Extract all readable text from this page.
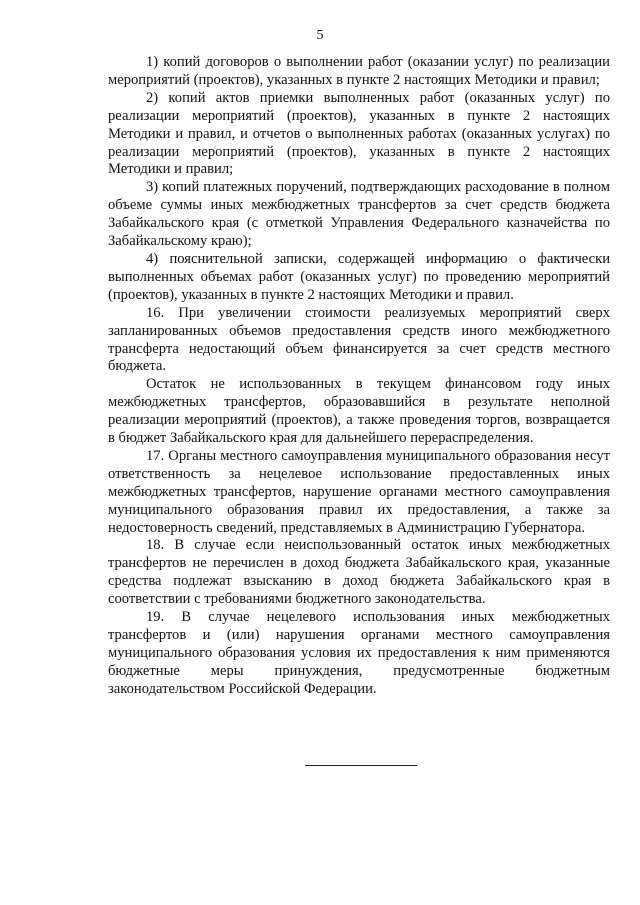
5

1) копий договоров о выполнении работ (оказании услуг) по реализации мероприятий (проектов), указанных в пункте 2 настоящих Методики и правил;

2) копий актов приемки выполненных работ (оказанных услуг) по реализации мероприятий (проектов), указанных в пункте 2 настоящих Методики и правил, и отчетов о выполненных работах (оказанных услугах) по реализации мероприятий (проектов), указанных в пункте 2 настоящих Методики и правил;

3) копий платежных поручений, подтверждающих расходование в полном объеме суммы иных межбюджетных трансфертов за счет средств бюджета Забайкальского края (с отметкой Управления Федерального казначейства по Забайкальскому краю);

4) пояснительной записки, содержащей информацию о фактически выполненных объемах работ (оказанных услуг) по проведению мероприятий (проектов), указанных в пункте 2 настоящих Методики и правил.

16. При увеличении стоимости реализуемых мероприятий сверх запланированных объемов предоставления средств иного межбюджетного трансферта недостающий объем финансируется за счет средств местного бюджета.

Остаток не использованных в текущем финансовом году иных межбюджетных трансфертов, образовавшийся в результате неполной реализации мероприятий (проектов), а также проведения торгов, возвращается в бюджет Забайкальского края для дальнейшего перераспределения.

17. Органы местного самоуправления муниципального образования несут ответственность за нецелевое использование предоставленных иных межбюджетных трансфертов, нарушение органами местного самоуправления муниципального образования правил их предоставления, а также за недостоверность сведений, представляемых в Администрацию Губернатора.

18. В случае если неиспользованный остаток иных межбюджетных трансфертов не перечислен в доход бюджета Забайкальского края, указанные средства подлежат взысканию в доход бюджета Забайкальского края в соответствии с требованиями бюджетного законодательства.

19. В случае нецелевого использования иных межбюджетных трансфертов и (или) нарушения органами местного самоуправления муниципального образования условия их предоставления к ним применяются бюджетные меры принуждения, предусмотренные бюджетным законодательством Российской Федерации.
